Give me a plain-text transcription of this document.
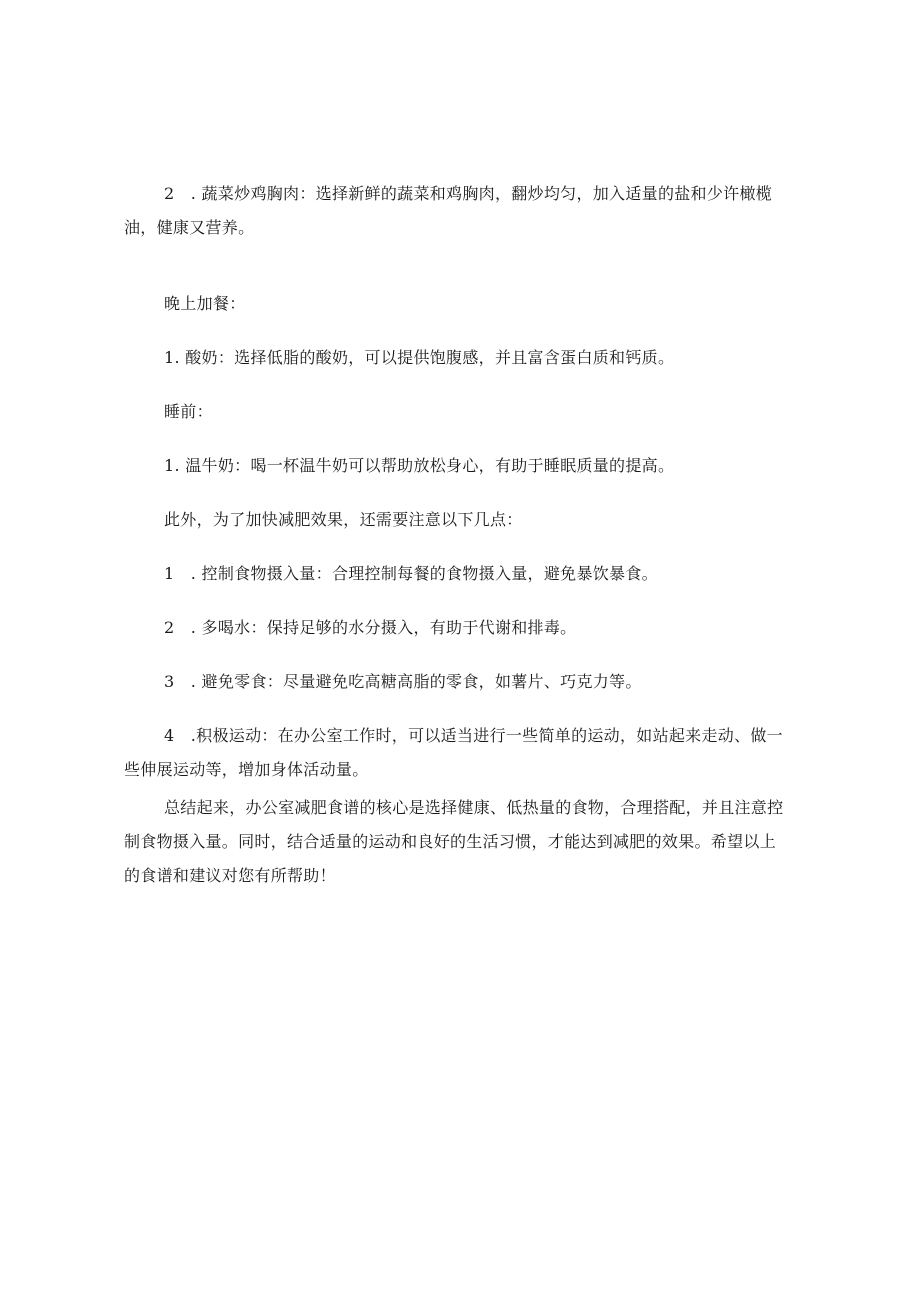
2　. 蔬菜炒鸡胸肉：选择新鲜的蔬菜和鸡胸肉，翻炒均匀，加入适量的盐和少许橄榄油，健康又营养。

晚上加餐：

1. 酸奶：选择低脂的酸奶，可以提供饱腹感，并且富含蛋白质和钙质。

睡前：

1. 温牛奶：喝一杯温牛奶可以帮助放松身心，有助于睡眠质量的提高。

此外，为了加快减肥效果，还需要注意以下几点：

1　. 控制食物摄入量：合理控制每餐的食物摄入量，避免暴饮暴食。

2　. 多喝水：保持足够的水分摄入，有助于代谢和排毒。

3　. 避免零食：尽量避免吃高糖高脂的零食，如薯片、巧克力等。

4　.积极运动：在办公室工作时，可以适当进行一些简单的运动，如站起来走动、做一些伸展运动等，增加身体活动量。

总结起来，办公室减肥食谱的核心是选择健康、低热量的食物，合理搭配，并且注意控制食物摄入量。同时，结合适量的运动和良好的生活习惯，才能达到减肥的效果。希望以上的食谱和建议对您有所帮助！
